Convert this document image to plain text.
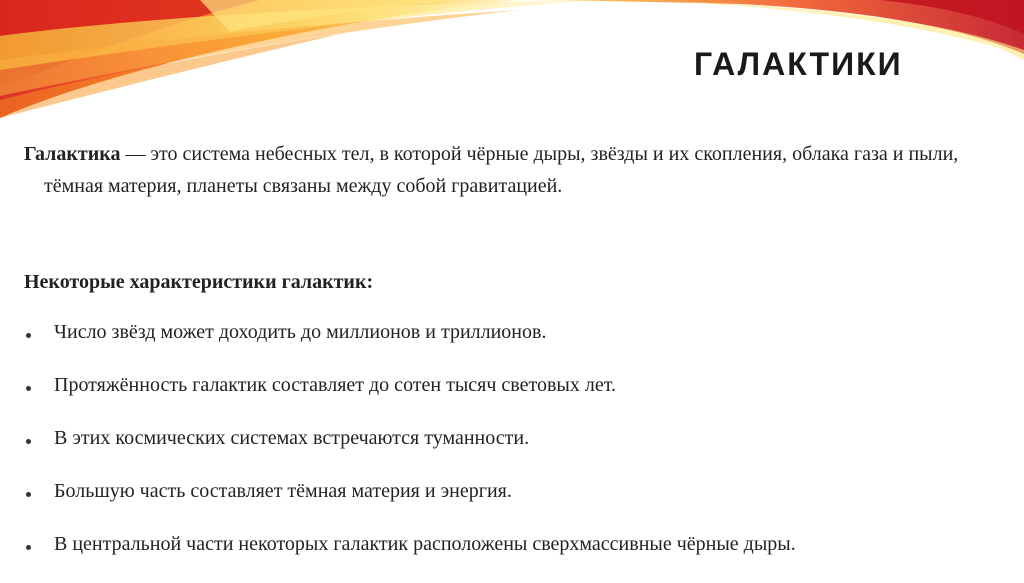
ГАЛАКТИКИ

Галактика — это система небесных тел, в которой чёрные дыры, звёзды и их скопления, облака газа и пыли, тёмная материя, планеты связаны между собой гравитацией.

Некоторые характеристики галактик:

Число звёзд может доходить до миллионов и триллионов.
Протяжённость галактик составляет до сотен тысяч световых лет.
В этих космических системах встречаются туманности.
Большую часть составляет тёмная материя и энергия.
В центральной части некоторых галактик расположены сверхмассивные чёрные дыры.
